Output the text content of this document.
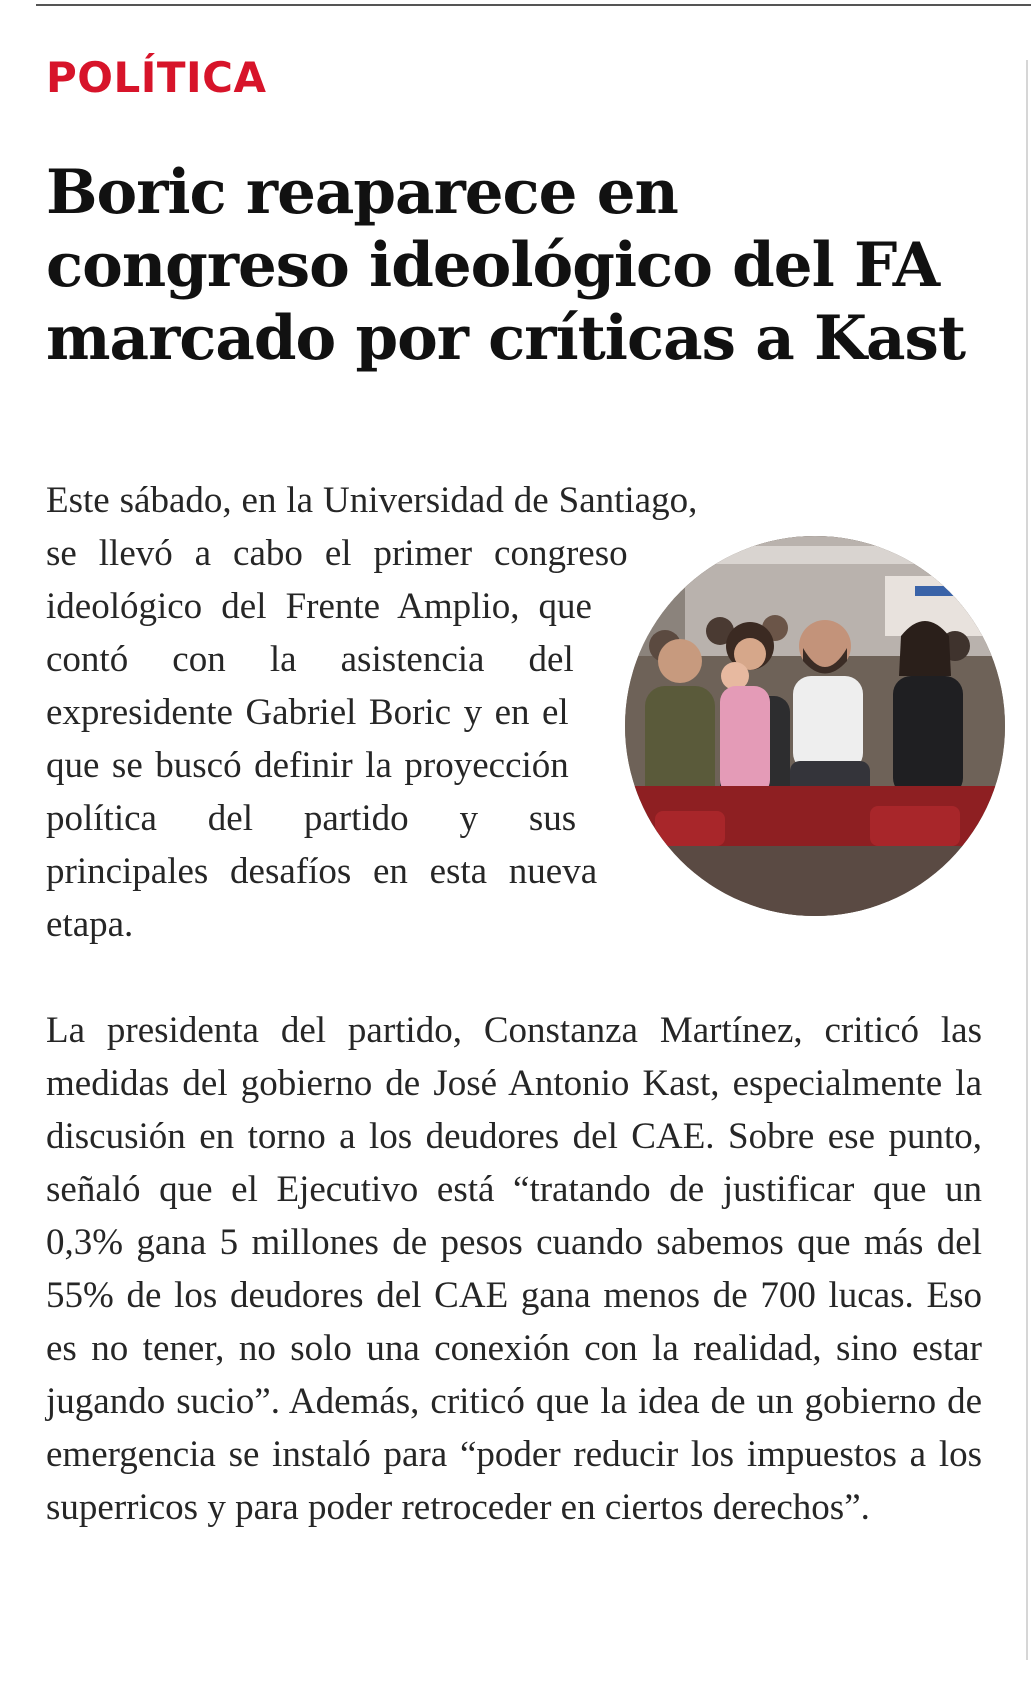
POLÍTICA
Boric reaparece en congreso ideológico del FA marcado por críticas a Kast

Este sábado, en la Universidad de Santiago, se llevó a cabo el primer congreso ideológico del Frente Amplio, que contó con la asistencia del expresidente Gabriel Boric y en el que se buscó definir la proyección política del partido y sus principales desafíos en esta nueva etapa.

La presidenta del partido, Constanza Martínez, criticó las medidas del gobierno de José Antonio Kast, especialmente la discusión en torno a los deudores del CAE. Sobre ese punto, señaló que el Ejecutivo está “tratando de justificar que un 0,3% gana 5 millones de pesos cuando sabemos que más del 55% de los deudores del CAE gana menos de 700 lucas. Eso es no tener, no solo una conexión con la realidad, sino estar jugando sucio”. Además, criticó que la idea de un gobierno de emergencia se instaló para “poder reducir los impuestos a los superricos y para poder retroceder en ciertos derechos”.
